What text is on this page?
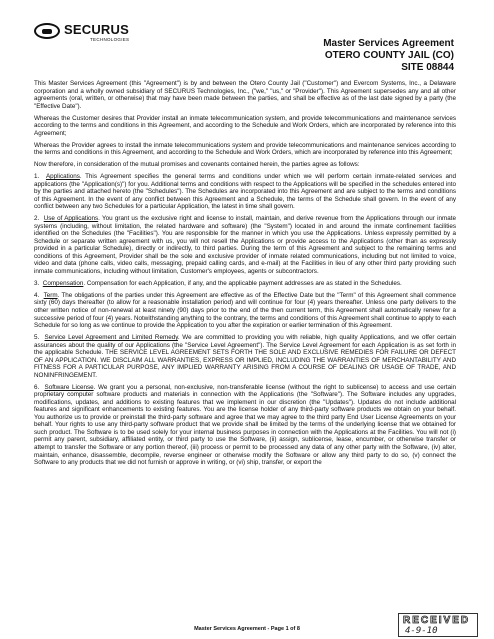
SECURUS
TECHNOLOGIES	Master Services Agreement
OTERO COUNTY JAIL (CO)
SITE 08844

This Master Services Agreement (this "Agreement") is by and between the Otero County Jail ("Customer") and Evercom Systems, Inc., a Delaware corporation and a wholly owned subsidiary of SECURUS Technologies, Inc., ("we," "us," or "Provider"). This Agreement supersedes any and all other agreements (oral, written, or otherwise) that may have been made between the parties, and shall be effective as of the last date signed by a party (the "Effective Date").

Whereas the Customer desires that Provider install an inmate telecommunication system, and provide telecommunications and maintenance services according to the terms and conditions in this Agreement, and according to the Schedule and Work Orders, which are incorporated by reference into this Agreement;

Whereas the Provider agrees to install the inmate telecommunications system and provide telecommunications and maintenance services according to the terms and conditions in this Agreement, and according to the Schedule and Work Orders, which are incorporated by reference into this Agreement;

Now therefore, in consideration of the mutual promises and covenants contained herein, the parties agree as follows:

1. Applications. This Agreement specifies the general terms and conditions under which we will perform certain inmate-related services and applications (the "Application(s)") for you. Additional terms and conditions with respect to the Applications will be specified in the schedules entered into by the parties and attached hereto (the "Schedules"). The Schedules are incorporated into this Agreement and are subject to the terms and conditions of this Agreement. In the event of any conflict between this Agreement and a Schedule, the terms of the Schedule shall govern. In the event of any conflict between any two Schedules for a particular Application, the latest in time shall govern.

2. Use of Applications. You grant us the exclusive right and license to install, maintain, and derive revenue from the Applications through our inmate systems (including, without limitation, the related hardware and software) (the "System") located in and around the inmate confinement facilities identified on the Schedules (the "Facilities"). You are responsible for the manner in which you use the Applications. Unless expressly permitted by a Schedule or separate written agreement with us, you will not resell the Applications or provide access to the Applications (other than as expressly provided in a particular Schedule), directly or indirectly, to third parties. During the term of this Agreement and subject to the remaining terms and conditions of this Agreement, Provider shall be the sole and exclusive provider of inmate related communications, including but not limited to voice, video and data (phone calls, video calls, messaging, prepaid calling cards, and e-mail) at the Facilities in lieu of any other third party providing such inmate communications, including without limitation, Customer's employees, agents or subcontractors.

3. Compensation. Compensation for each Application, if any, and the applicable payment addresses are as stated in the Schedules.

4. Term. The obligations of the parties under this Agreement are effective as of the Effective Date but the "Term" of this Agreement shall commence sixty (60) days thereafter (to allow for a reasonable installation period) and will continue for four (4) years thereafter. Unless one party delivers to the other written notice of non-renewal at least ninety (90) days prior to the end of the then current term, this Agreement shall automatically renew for a successive period of four (4) years. Notwithstanding anything to the contrary, the terms and conditions of this Agreement shall continue to apply to each Schedule for so long as we continue to provide the Application to you after the expiration or earlier termination of this Agreement.

5. Service Level Agreement and Limited Remedy. We are committed to providing you with reliable, high quality Applications, and we offer certain assurances about the quality of our Applications (the "Service Level Agreement"). The Service Level Agreement for each Application is as set forth in the applicable Schedule. THE SERVICE LEVEL AGREEMENT SETS FORTH THE SOLE AND EXCLUSIVE REMEDIES FOR FAILURE OR DEFECT OF AN APPLICATION. WE DISCLAIM ALL WARRANTIES, EXPRESS OR IMPLIED, INCLUDING THE WARRANTIES OF MERCHANTABILITY AND FITNESS FOR A PARTICULAR PURPOSE, ANY IMPLIED WARRANTY ARISING FROM A COURSE OF DEALING OR USAGE OF TRADE, AND NONINFRINGEMENT.

6. Software License. We grant you a personal, non-exclusive, non-transferable license (without the right to sublicense) to access and use certain proprietary computer software products and materials in connection with the Applications (the "Software"). The Software includes any upgrades, modifications, updates, and additions to existing features that we implement in our discretion (the "Updates"). Updates do not include additional features and significant enhancements to existing features. You are the license holder of any third-party software products we obtain on your behalf. You authorize us to provide or preinstall the third-party software and agree that we may agree to the third party End User License Agreements on your behalf. Your rights to use any third-party software product that we provide shall be limited by the terms of the underlying license that we obtained for such product. The Software is to be used solely for your internal business purposes in connection with the Applications at the Facilities. You will not (i) permit any parent, subsidiary, affiliated entity, or third party to use the Software, (ii) assign, sublicense, lease, encumber, or otherwise transfer or attempt to transfer the Software or any portion thereof, (iii) process or permit to be processed any data of any other party with the Software, (iv) alter, maintain, enhance, disassemble, decompile, reverse engineer or otherwise modify the Software or allow any third party to do so, (v) connect the Software to any products that we did not furnish or approve in writing, or (vi) ship, transfer, or export the

Master Services Agreement - Page 1 of 8
RECEIVED
4-9-10
